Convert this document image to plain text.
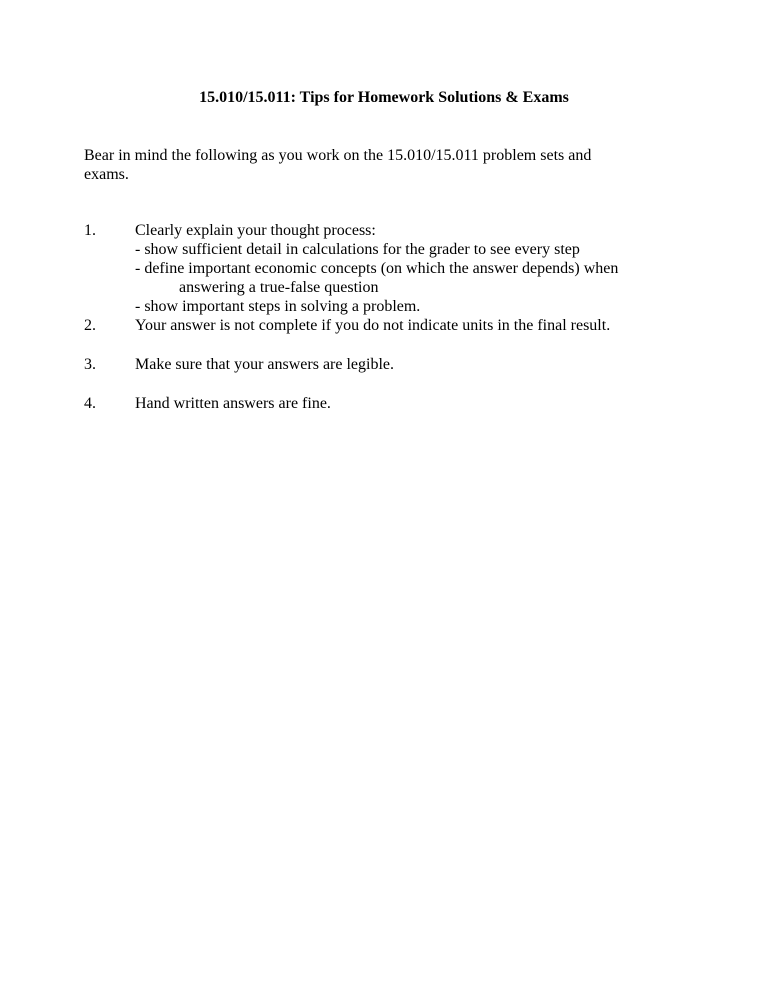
15.010/15.011: Tips for Homework Solutions & Exams
Bear in mind the following as you work on the 15.010/15.011 problem sets and
exams.
1.	Clearly explain your thought process:
- show sufficient detail in calculations for the grader to see every step
- define important economic concepts (on which the answer depends) when
answering a true-false question
- show important steps in solving a problem.
2.	Your answer is not complete if you do not indicate units in the final result.
3.	Make sure that your answers are legible.
4.	Hand written answers are fine.
